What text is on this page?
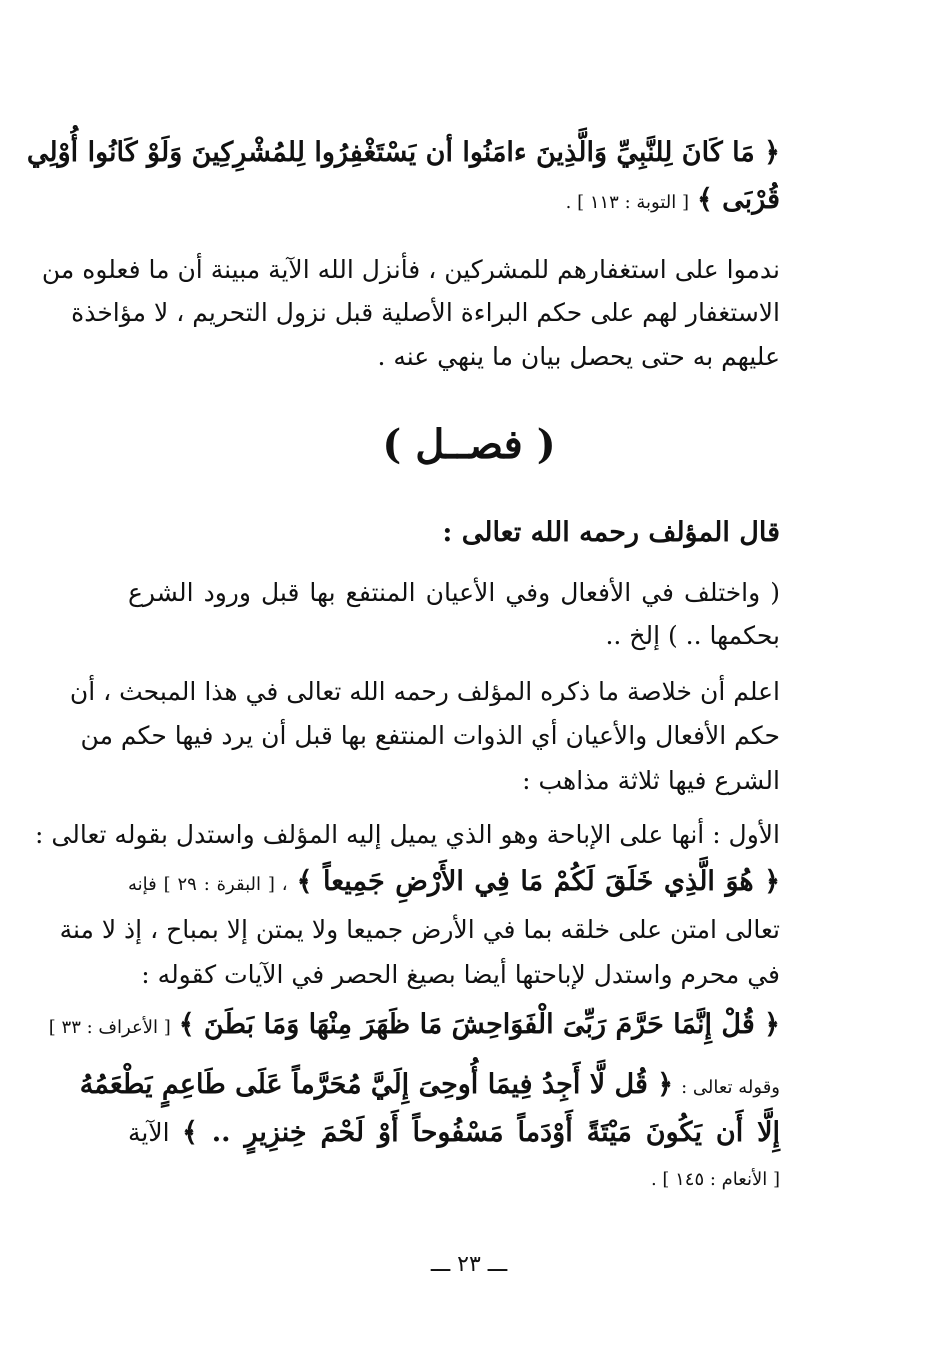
﴿ مَا كَانَ لِلنَّبِيِّ وَالَّذِينَ ءامَنُوا أن يَسْتَغْفِرُوا لِلمُشْرِكِينَ وَلَوْ كَانُوا أُوْلِي
قُرْبَى ﴾ [ التوبة : ١١٣ ] .
ندموا على استغفارهم للمشركين ، فأنزل الله الآية مبينة أن ما فعلوه من
الاستغفار لهم على حكم البراءة الأصلية قبل نزول التحريم ، لا مؤاخذة
عليهم به حتى يحصل بيان ما ينهي عنه .
( فصــل )
قال المؤلف رحمه الله تعالى :
( واختلف في الأفعال وفي الأعيان المنتفع بها قبل ورود الشرع
بحكمها .. ) إلخ ..
اعلم أن خلاصة ما ذكره المؤلف رحمه الله تعالى في هذا المبحث ، أن
حكم الأفعال والأعيان أي الذوات المنتفع بها قبل أن يرد فيها حكم من
الشرع فيها ثلاثة مذاهب :
الأول : أنها على الإباحة وهو الذي يميل إليه المؤلف واستدل بقوله تعالى :
﴿ هُوَ الَّذِي خَلَقَ لَكُمْ مَا فِي الأَرْضِ جَمِيعاً ﴾ ، [ البقرة : ٢٩ ] فإنه
تعالى امتن على خلقه بما في الأرض جميعا ولا يمتن إلا بمباح ، إذ لا منة
في محرم واستدل لإباحتها أيضا بصيغ الحصر في الآيات كقوله :
﴿ قُلْ إِنَّمَا حَرَّمَ رَبِّىَ الْفَوَاحِشَ مَا ظَهَرَ مِنْهَا وَمَا بَطَنَ ﴾ [ الأعراف : ٣٣ ]
وقوله تعالى : ﴿ قُل لَّا أَجِدُ فِيمَا أُوحِىَ إِلَيَّ مُحَرَّماً عَلَى طَاعِمٍ يَطْعَمُهُ
إِلَّا أَن يَكُونَ مَيْتَةً أَوْدَماً مَسْفُوحاً أَوْ لَحْمَ خِنزِيرٍ .. ﴾ الآية
[ الأنعام : ١٤٥ ] .
ـــ ٢٣ ـــ
